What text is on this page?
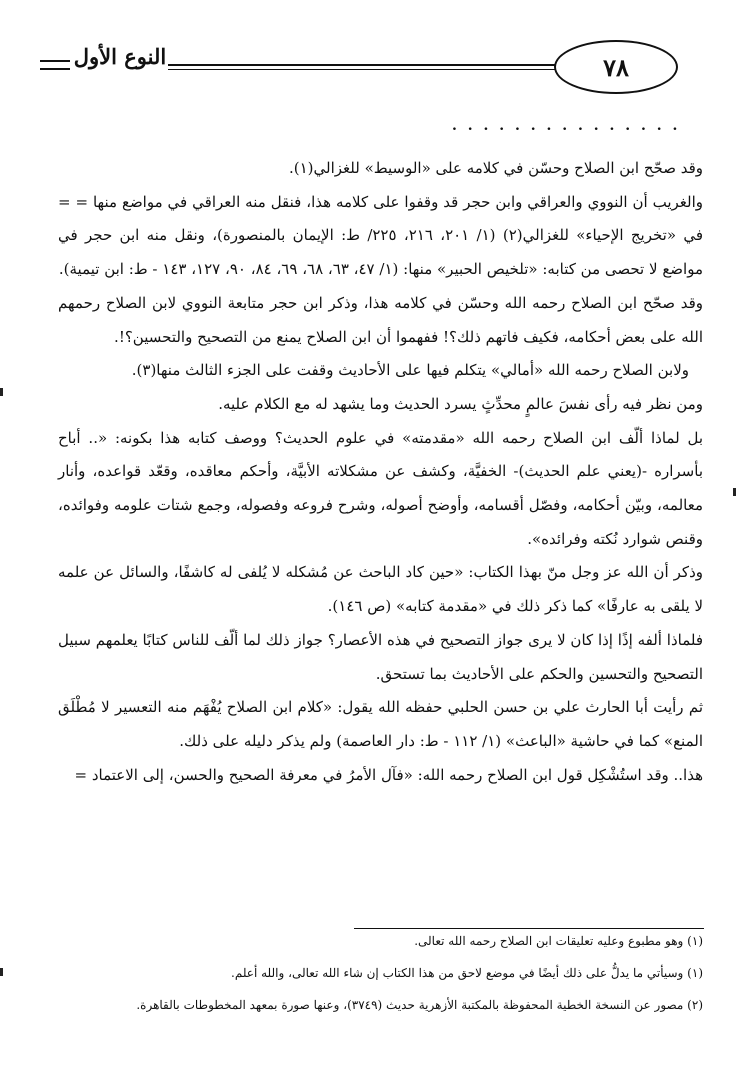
النوع الأول	٧٨
. . . . . . . . . . . . . . .

وقد صحّح ابن الصلاح وحسّن في كلامه على «الوسيط» للغزالي(١).

والغريب أن النووي والعراقي وابن حجر قد وقفوا على كلامه هذا، فنقل منه العراقي في مواضع منها = = في «تخريج الإحياء» للغزالي(٢) (١/ ٢٠١، ٢١٦، ٢٢٥/ ط: الإيمان بالمنصورة)، ونقل منه ابن حجر في مواضع لا تحصى من كتابه: «تلخيص الحبير» منها: (١/ ٤٧، ٦٣، ٦٨، ٦٩، ٨٤، ٩٠، ١٢٧، ١٤٣ - ط: ابن تيمية).

وقد صحّح ابن الصلاح رحمه الله وحسّن في كلامه هذا، وذكر ابن حجر متابعة النووي لابن الصلاح رحمهم الله على بعض أحكامه، فكيف فاتهم ذلك؟! ففهموا أن ابن الصلاح يمنع من التصحيح والتحسين؟!.

ولابن الصلاح رحمه الله «أمالي» يتكلم فيها على الأحاديث وقفت على الجزء الثالث منها(٣).

ومن نظر فيه رأى نفسَ عالمٍ محدِّثٍ يسرد الحديث وما يشهد له مع الكلام عليه.

بل لماذا ألّف ابن الصلاح رحمه الله «مقدمته» في علوم الحديث؟ ووصف كتابه هذا بكونه: «.. أباح بأسراره -(يعني علم الحديث)- الخفيَّة، وكشف عن مشكلاته الأبيَّة، وأحكم معاقده، وقعّد قواعده، وأنار معالمه، وبيّن أحكامه، وفصّل أقسامه، وأوضح أصوله، وشرح فروعه وفصوله، وجمع شتات علومه وفوائده، وقنص شوارد نُكته وفرائده».

وذكر أن الله عز وجل منّ بهذا الكتاب: «حين كاد الباحث عن مُشكله لا يُلفى له كاشفًا، والسائل عن علمه لا يلقى به عارفًا» كما ذكر ذلك في «مقدمة كتابه» (ص ١٤٦).

فلماذا ألفه إذًا إذا كان لا يرى جواز التصحيح في هذه الأعصار؟ جواز ذلك لما ألّف للناس كتابًا يعلمهم سبيل التصحيح والتحسين والحكم على الأحاديث بما تستحق.

ثم رأيت أبا الحارث علي بن حسن الحلبي حفظه الله يقول: «كلام ابن الصلاح يُفْهَم منه التعسير لا مُطْلَق المنع» كما في حاشية «الباعث» (١/ ١١٢ - ط: دار العاصمة) ولم يذكر دليله على ذلك.

هذا.. وقد استُشْكِل قول ابن الصلاح رحمه الله: «فآل الأمرُ في معرفة الصحيح والحسن، إلى الاعتماد =

(١) وهو مطبوع وعليه تعليقات ابن الصلاح رحمه الله تعالى.

(١) وسيأتي ما يدلُّ على ذلك أيضًا في موضع لاحق من هذا الكتاب إن شاء الله تعالى، والله أعلم.

(٢) مصور عن النسخة الخطية المحفوظة بالمكتبة الأزهرية حديث (٣٧٤٩)، وعنها صورة بمعهد المخطوطات بالقاهرة.
